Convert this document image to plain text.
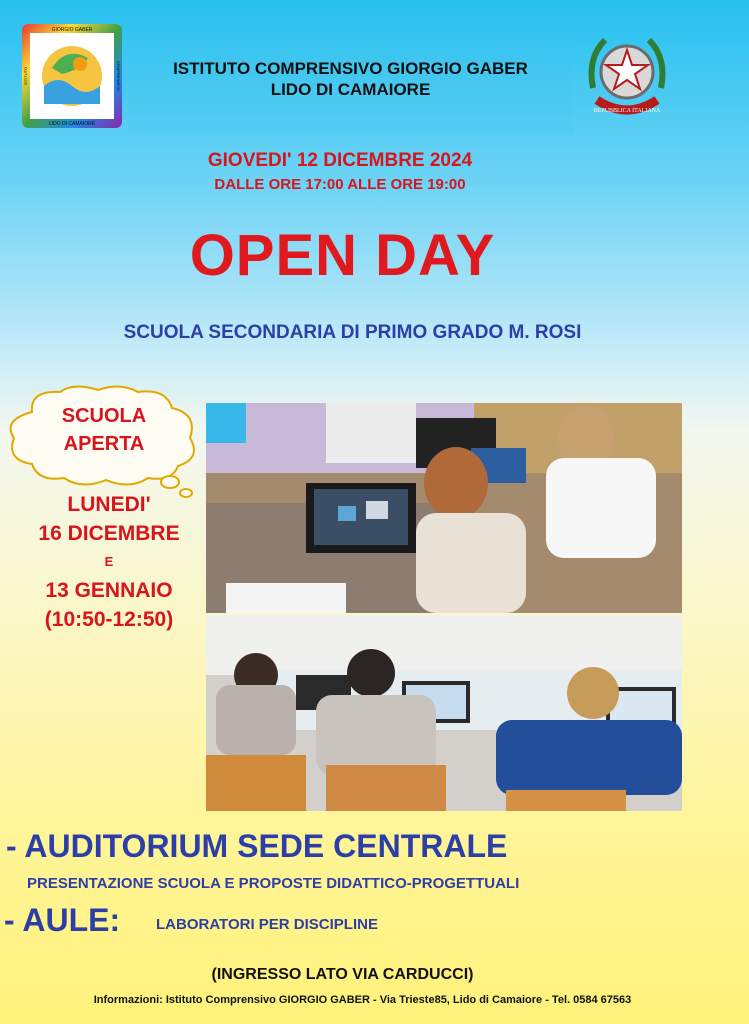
GIORGIO GABER
LIDO DI CAMAIORE
ISTITUTO	COMPRENSIVO	ISTITUTO COMPRENSIVO GIORGIO GABER
LIDO DI CAMAIORE
REPUBBLICA ITALIANA
GIOVEDI' 12 DICEMBRE 2024
DALLE ORE 17:00 ALLE ORE 19:00
OPEN DAY
SCUOLA SECONDARIA DI PRIMO GRADO M. ROSI
SCUOLA
APERTA
LUNEDI'
16 DICEMBRE
E
13 GENNAIO
(10:50-12:50)
- AUDITORIUM SEDE CENTRALE
PRESENTAZIONE SCUOLA E PROPOSTE DIDATTICO-PROGETTUALI
- AULE: LABORATORI PER DISCIPLINE
(INGRESSO LATO VIA CARDUCCI)
Informazioni: Istituto Comprensivo GIORGIO GABER - Via Trieste85, Lido di Camaiore - Tel. 0584 67563
